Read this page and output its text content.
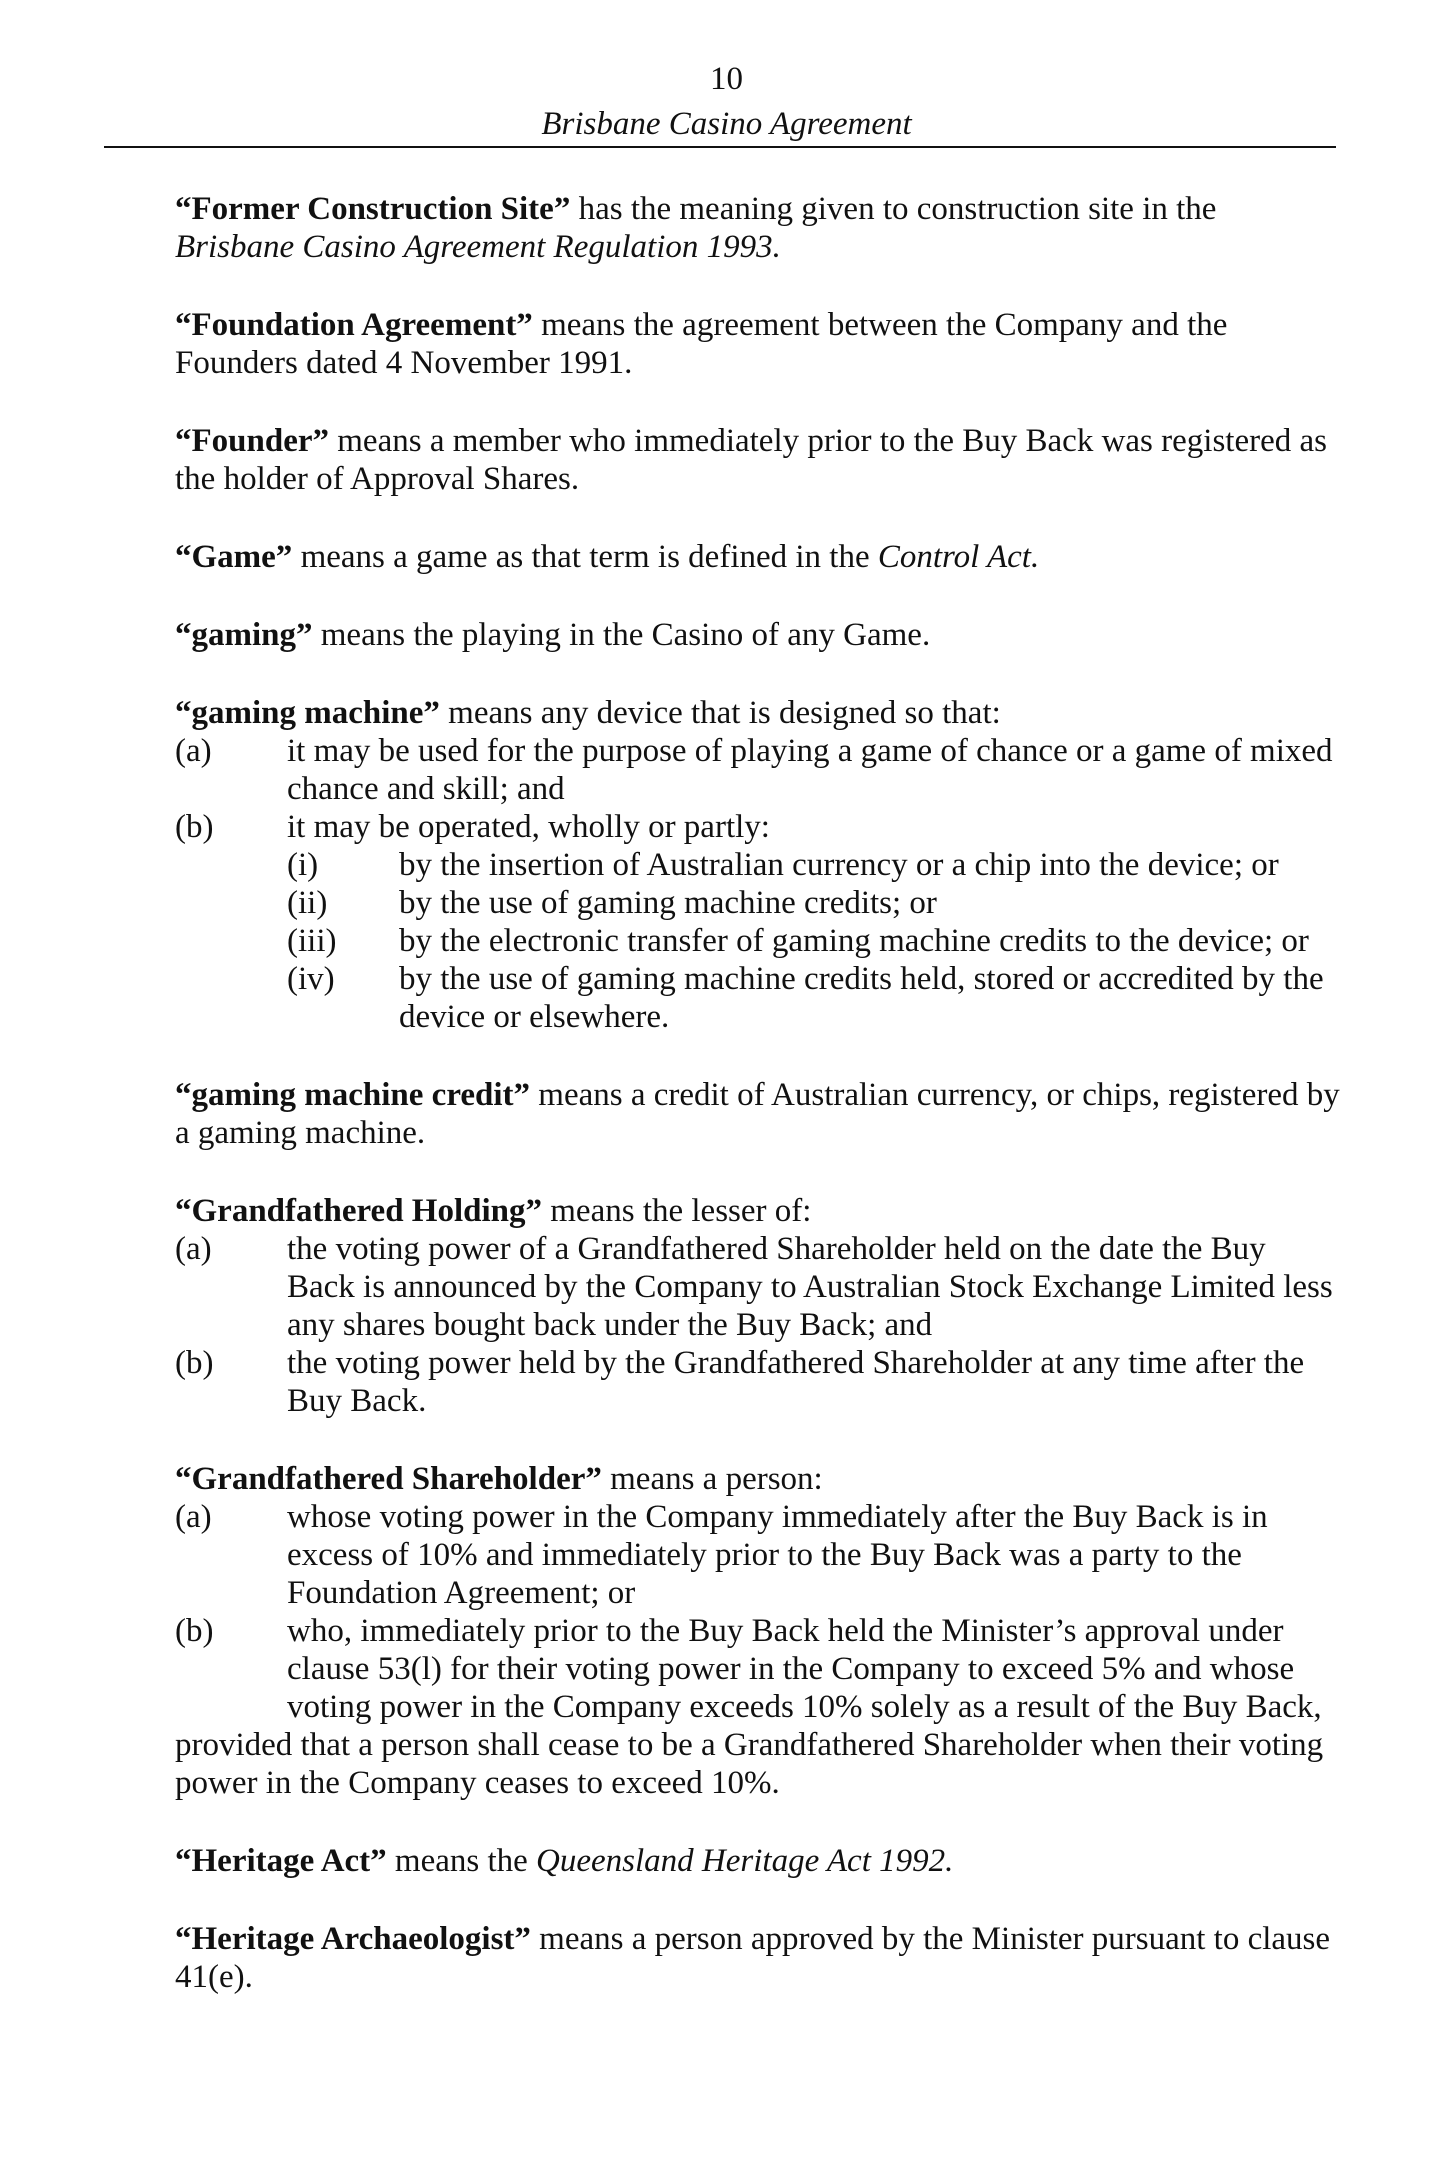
10
Brisbane Casino Agreement

“Former Construction Site” has the meaning given to construction site in the Brisbane Casino Agreement Regulation 1993.

“Foundation Agreement” means the agreement between the Company and the Founders dated 4 November 1991.

“Founder” means a member who immediately prior to the Buy Back was registered as the holder of Approval Shares.

“Game” means a game as that term is defined in the Control Act.

“gaming” means the playing in the Casino of any Game.

“gaming machine” means any device that is designed so that:

(a) it may be used for the purpose of playing a game of chance or a game of mixed chance and skill; and

(b) it may be operated, wholly or partly:

(i) by the insertion of Australian currency or a chip into the device; or

(ii) by the use of gaming machine credits; or

(iii) by the electronic transfer of gaming machine credits to the device; or

(iv) by the use of gaming machine credits held, stored or accredited by the device or elsewhere.

“gaming machine credit” means a credit of Australian currency, or chips, registered by a gaming machine.

“Grandfathered Holding” means the lesser of:

(a) the voting power of a Grandfathered Shareholder held on the date the Buy Back is announced by the Company to Australian Stock Exchange Limited less any shares bought back under the Buy Back; and

(b) the voting power held by the Grandfathered Shareholder at any time after the Buy Back.

“Grandfathered Shareholder” means a person:

(a) whose voting power in the Company immediately after the Buy Back is in excess of 10% and immediately prior to the Buy Back was a party to the Foundation Agreement; or

(b) who, immediately prior to the Buy Back held the Minister’s approval under clause 53(l) for their voting power in the Company to exceed 5% and whose voting power in the Company exceeds 10% solely as a result of the Buy Back,

provided that a person shall cease to be a Grandfathered Shareholder when their voting power in the Company ceases to exceed 10%.

“Heritage Act” means the Queensland Heritage Act 1992.

“Heritage Archaeologist” means a person approved by the Minister pursuant to clause 41(e).
